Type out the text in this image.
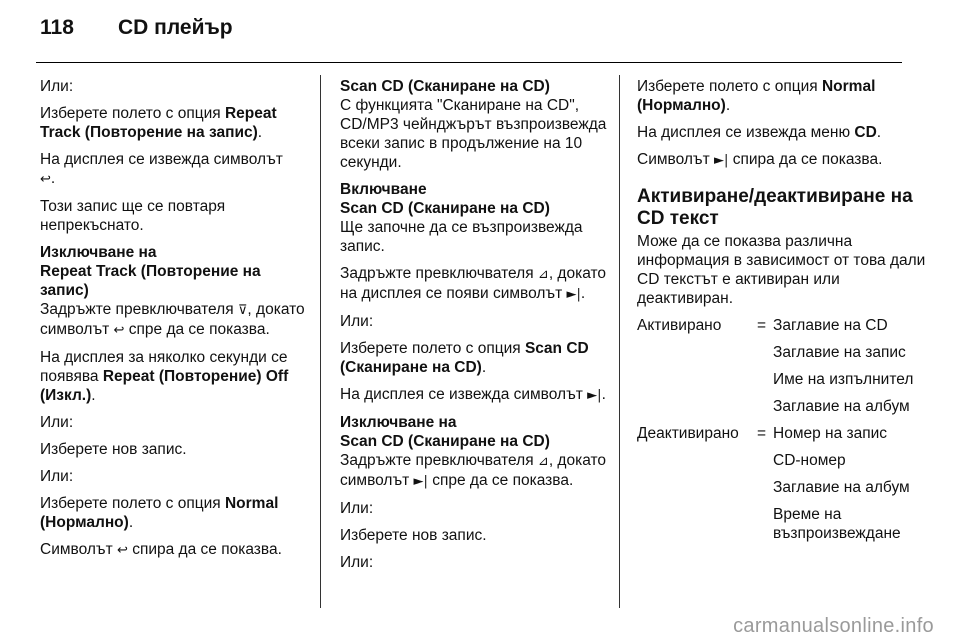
118 CD плейър

Или:

Изберете полето с опция Repeat Track (Повторение на запис).

На дисплея се извежда символът
↩︎.

Този запис ще се повтаря непрекъснато.

Изключване на
Repeat Track (Повторение на запис)

Задръжте превключвателя ⊽, докато символът ↩︎ спре да се показва.

На дисплея за няколко секунди се появява Repeat (Повторение) Off (Изкл.).

Или:

Изберете нов запис.

Или:

Изберете полето с опция Normal (Нормално).

Символът ↩︎ спира да се показва.

Scan CD (Сканиране на CD)

С функцията "Сканиране на CD", CD/MP3 чейнджърът възпроизвежда всеки запис в продължение на 10 секунди.

Включване
Scan CD (Сканиране на CD)

Ще започне да се възпроизвежда запис.

Задръжте превключвателя ⊿, докато на дисплея се появи символът ►|.

Или:

Изберете полето с опция Scan CD (Сканиране на CD).

На дисплея се извежда символът ►|.

Изключване на
Scan CD (Сканиране на CD)

Задръжте превключвателя ⊿, докато символът ►| спре да се показва.

Или:

Изберете нов запис.

Или:

Изберете полето с опция Normal (Нормално).

На дисплея се извежда меню CD.

Символът ►| спира да се показва.

Активиране/деактивиране на CD текст

Може да се показва различна информация в зависимост от това дали CD текстът е активиран или деактивиран.

Активирано	= Заглавие на CD
Заглавие на запис
Име на изпълнител
Заглавие на албум
Деактивирано	= Номер на запис
CD-номер
Заглавие на албум
Време на възпроизвеждане
carmanualsonline.info
